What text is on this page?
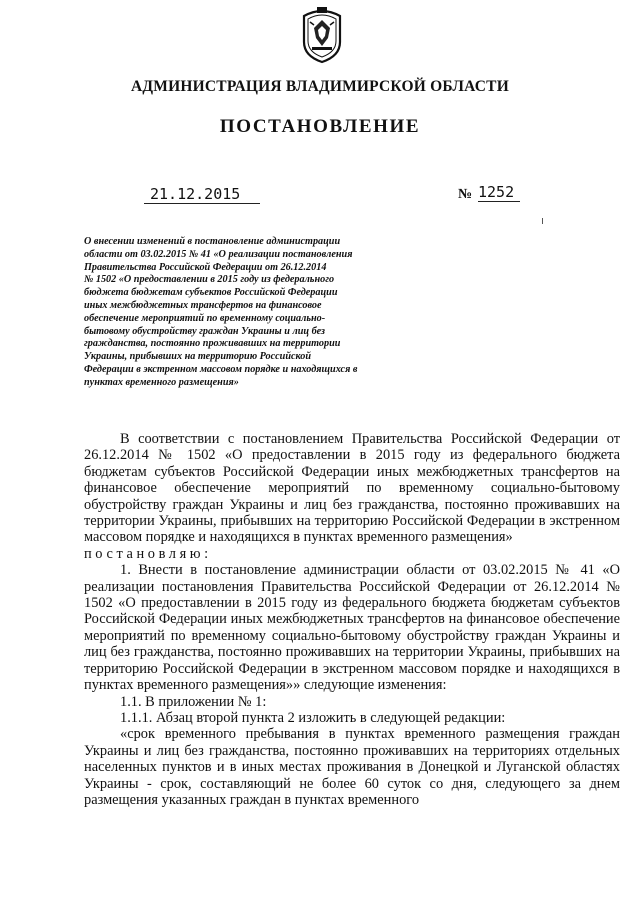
АДМИНИСТРАЦИЯ ВЛАДИМИРСКОЙ ОБЛАСТИ
ПОСТАНОВЛЕНИЕ
21.12.2015	№ 1252
О внесении изменений в постановление администрации
области от 03.02.2015 № 41 «О реализации постановления
Правительства Российской Федерации от 26.12.2014
№ 1502 «О предоставлении в 2015 году из федерального
бюджета бюджетам субъектов Российской Федерации
иных межбюджетных трансфертов на финансовое
обеспечение мероприятий по временному социально-
бытовому обустройству граждан Украины и лиц без
гражданства, постоянно проживавших на территории
Украины, прибывших на территорию Российской
Федерации в экстренном массовом порядке и находящихся в
пунктах временного размещения»

В соответствии с постановлением Правительства Российской Федерации от 26.12.2014 № 1502 «О предоставлении в 2015 году из федерального бюджета бюджетам субъектов Российской Федерации иных межбюджетных трансфертов на финансовое обеспечение мероприятий по временному социально-бытовому обустройству граждан Украины и лиц без гражданства, постоянно проживавших на территории Украины, прибывших на территорию Российской Федерации в экстренном массовом порядке и находящихся в пунктах временного размещения»

постановляю:

1. Внести в постановление администрации области от 03.02.2015 № 41 «О реализации постановления Правительства Российской Федерации от 26.12.2014 № 1502 «О предоставлении в 2015 году из федерального бюджета бюджетам субъектов Российской Федерации иных межбюджетных трансфертов на финансовое обеспечение мероприятий по временному социально-бытовому обустройству граждан Украины и лиц без гражданства, постоянно проживавших на территории Украины, прибывших на территорию Российской Федерации в экстренном массовом порядке и находящихся в пунктах временного размещения»» следующие изменения:

1.1. В приложении № 1:

1.1.1. Абзац второй пункта 2 изложить в следующей редакции:

«срок временного пребывания в пунктах временного размещения граждан Украины и лиц без гражданства, постоянно проживавших на территориях отдельных населенных пунктов и в иных местах проживания в Донецкой и Луганской областях Украины - срок, составляющий не более 60 суток со дня, следующего за днем размещения указанных граждан в пунктах временного
